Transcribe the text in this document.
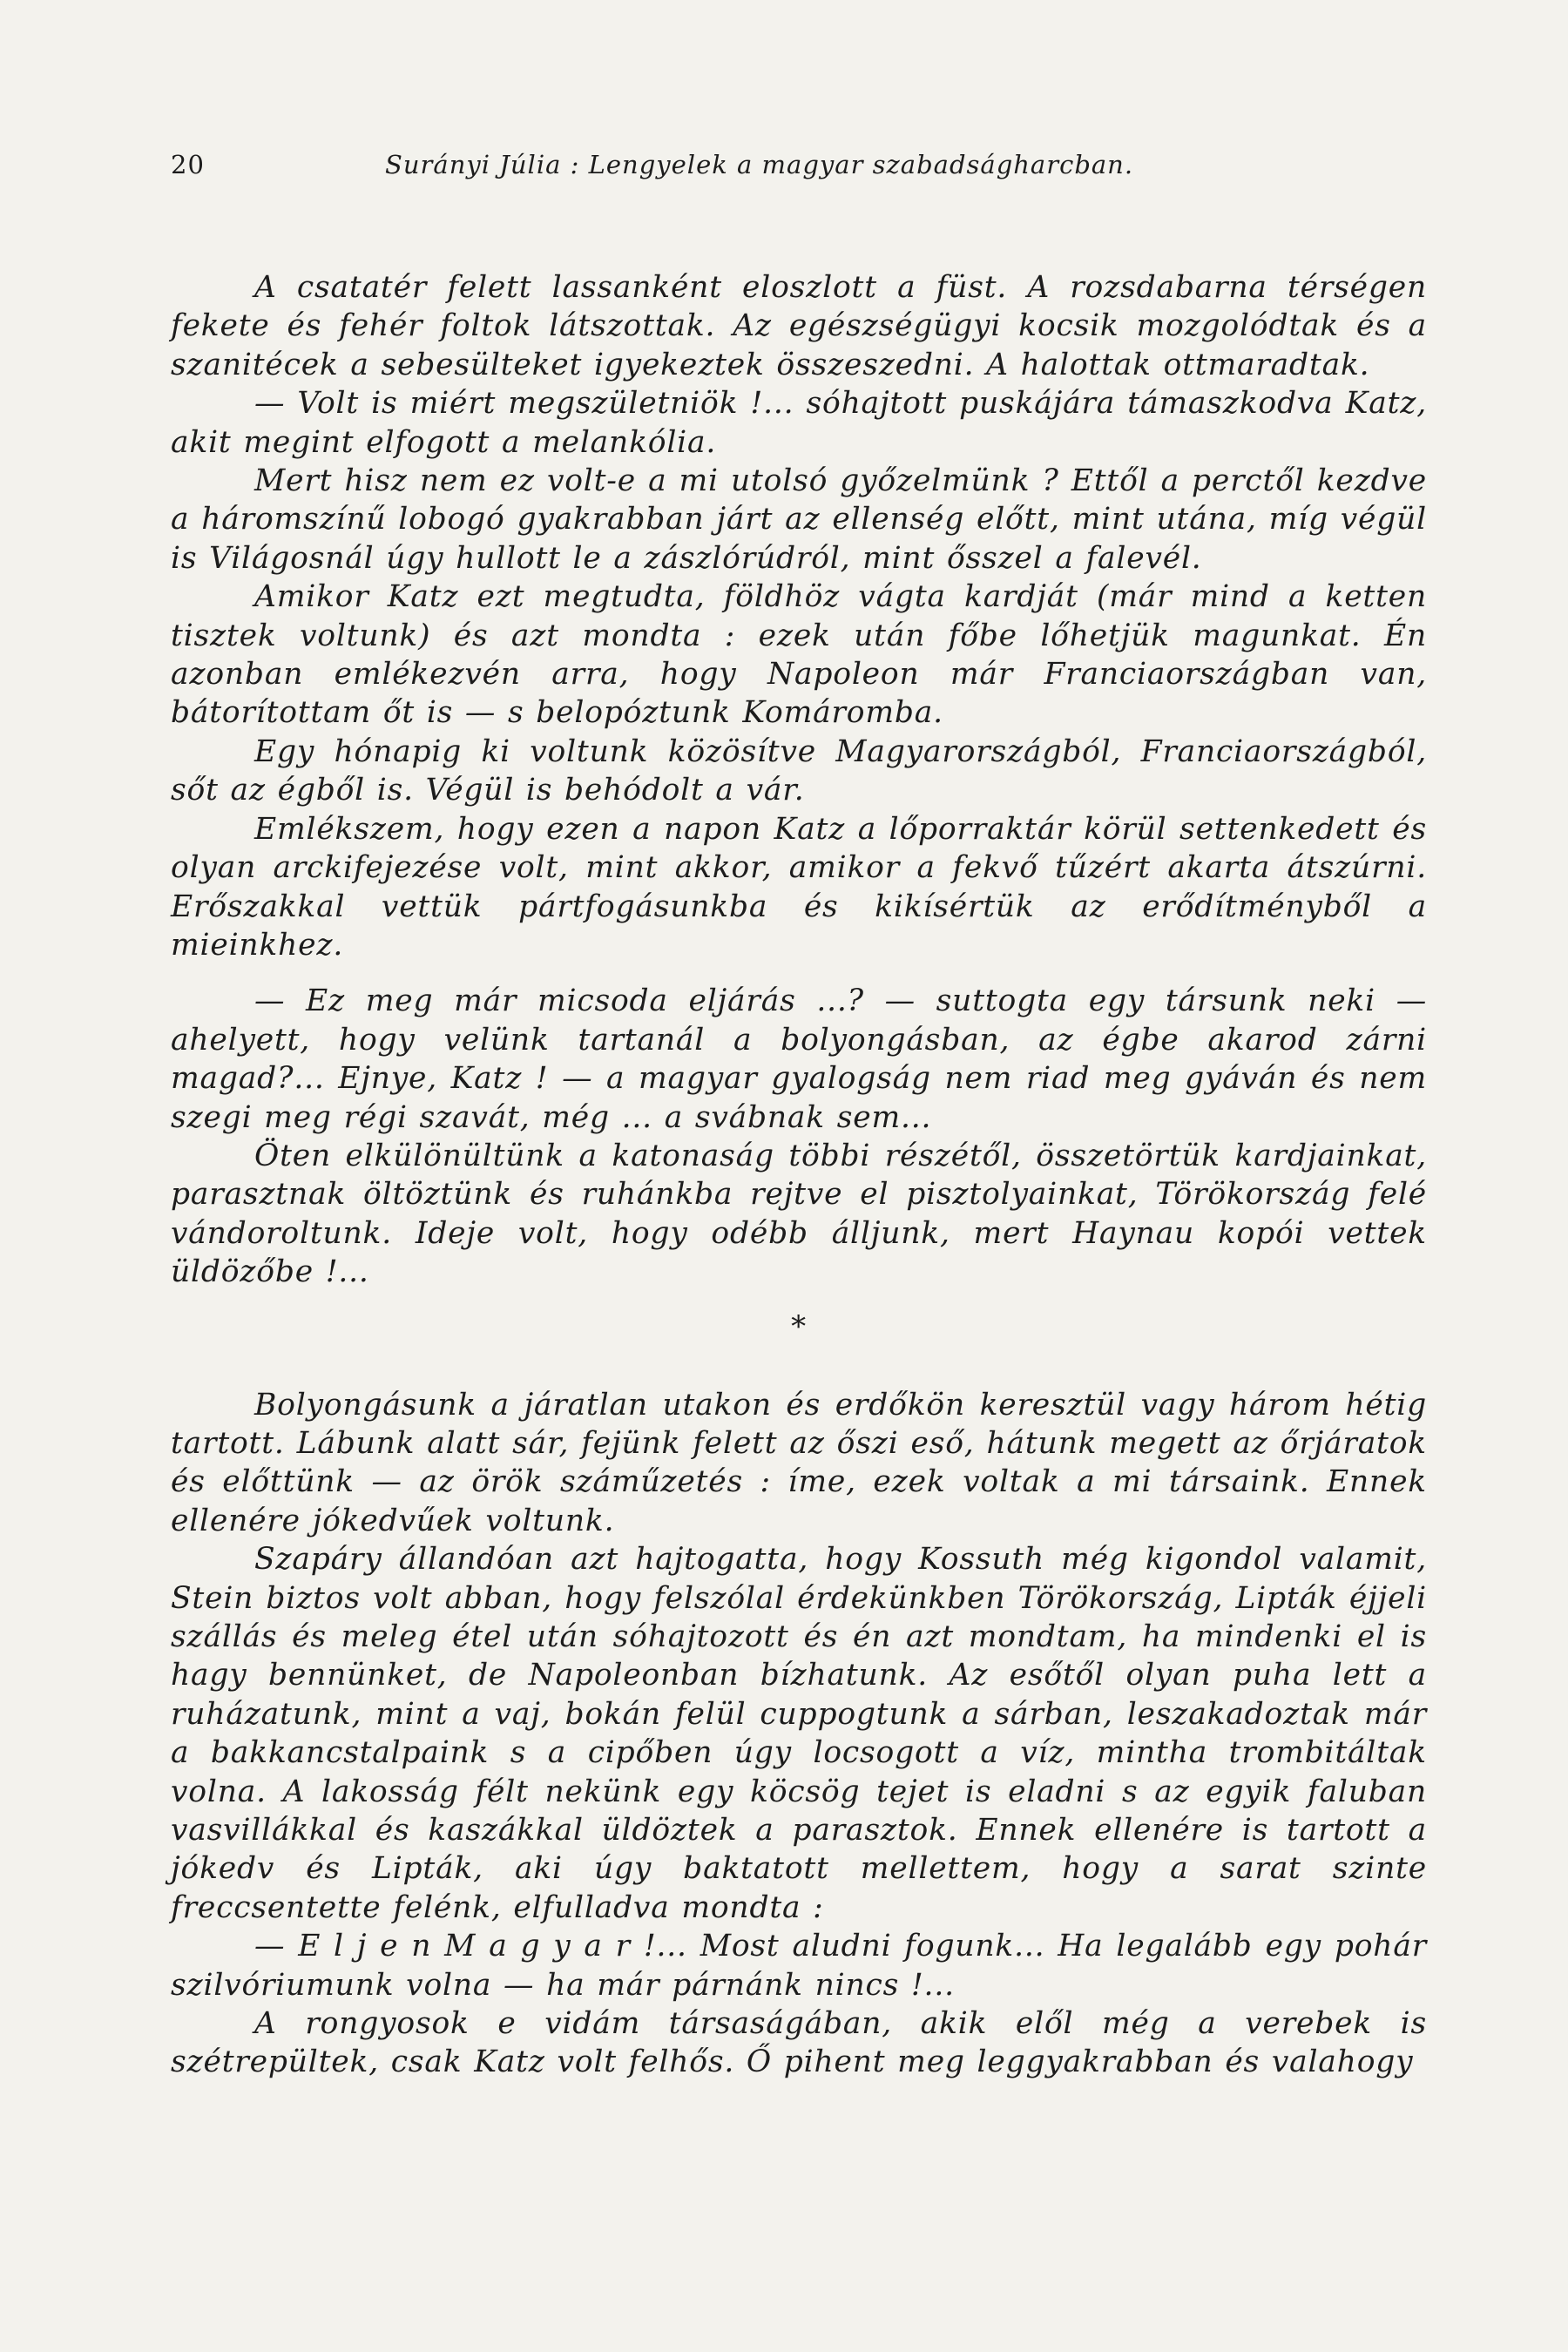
20	Surányi Júlia : Lengyelek a magyar szabadságharcban.

A csatatér felett lassanként eloszlott a füst. A rozsdabarna térségen fekete és fehér foltok látszottak. Az egészségügyi kocsik mozgolódtak és a szanitécek a sebesülteket igyekeztek összeszedni. A halottak ottmaradtak.

— Volt is miért megszületniök !... sóhajtott puskájára támaszkodva Katz, akit megint elfogott a melankólia.

Mert hisz nem ez volt-e a mi utolsó győzelmünk ? Ettől a perctől kezdve a háromszínű lobogó gyakrabban járt az ellenség előtt, mint utána, míg végül is Világosnál úgy hullott le a zászlórúdról, mint ősszel a falevél.

Amikor Katz ezt megtudta, földhöz vágta kardját (már mind a ketten tisztek voltunk) és azt mondta : ezek után főbe lőhetjük magunkat. Én azonban emlékezvén arra, hogy Napoleon már Franciaországban van, bátorítottam őt is — s belopóztunk Komáromba.

Egy hónapig ki voltunk közösítve Magyarországból, Franciaországból, sőt az égből is. Végül is behódolt a vár.

Emlékszem, hogy ezen a napon Katz a lőporraktár körül settenkedett és olyan arckifejezése volt, mint akkor, amikor a fekvő tűzért akarta átszúrni. Erőszakkal vettük pártfogásunkba és kikísértük az erődítményből a mieinkhez.

— Ez meg már micsoda eljárás ...? — suttogta egy társunk neki — ahelyett, hogy velünk tartanál a bolyongásban, az égbe akarod zárni magad?... Ejnye, Katz ! — a magyar gyalogság nem riad meg gyáván és nem szegi meg régi szavát, még ... a svábnak sem...

Öten elkülönültünk a katonaság többi részétől, összetörtük kardjainkat, parasztnak öltöztünk és ruhánkba rejtve el pisztolyainkat, Törökország felé vándoroltunk. Ideje volt, hogy odébb álljunk, mert Haynau kopói vettek üldözőbe !...

*

Bolyongásunk a járatlan utakon és erdőkön keresztül vagy három hétig tartott. Lábunk alatt sár, fejünk felett az őszi eső, hátunk megett az őrjáratok és előttünk — az örök száműzetés : íme, ezek voltak a mi társaink. Ennek ellenére jókedvűek voltunk.

Szapáry állandóan azt hajtogatta, hogy Kossuth még kigondol valamit, Stein biztos volt abban, hogy felszólal érdekünkben Törökország, Lipták éjjeli szállás és meleg étel után sóhajtozott és én azt mondtam, ha mindenki el is hagy bennünket, de Napoleonban bízhatunk. Az esőtől olyan puha lett a ruházatunk, mint a vaj, bokán felül cuppogtunk a sárban, leszakadoztak már a bakkancstalpaink s a cipőben úgy locsogott a víz, mintha trombitáltak volna. A lakosság félt nekünk egy köcsög tejet is eladni s az egyik faluban vasvillákkal és kaszákkal üldöztek a parasztok. Ennek ellenére is tartott a jókedv és Lipták, aki úgy baktatott mellettem, hogy a sarat szinte freccsentette felénk, elfulladva mondta :

— E l j e n M a g y a r !... Most aludni fogunk... Ha legalább egy pohár szilvóriumunk volna — ha már párnánk nincs !...

A rongyosok e vidám társaságában, akik elől még a verebek is szétrepültek, csak Katz volt felhős. Ő pihent meg leggyakrabban és valahogy
